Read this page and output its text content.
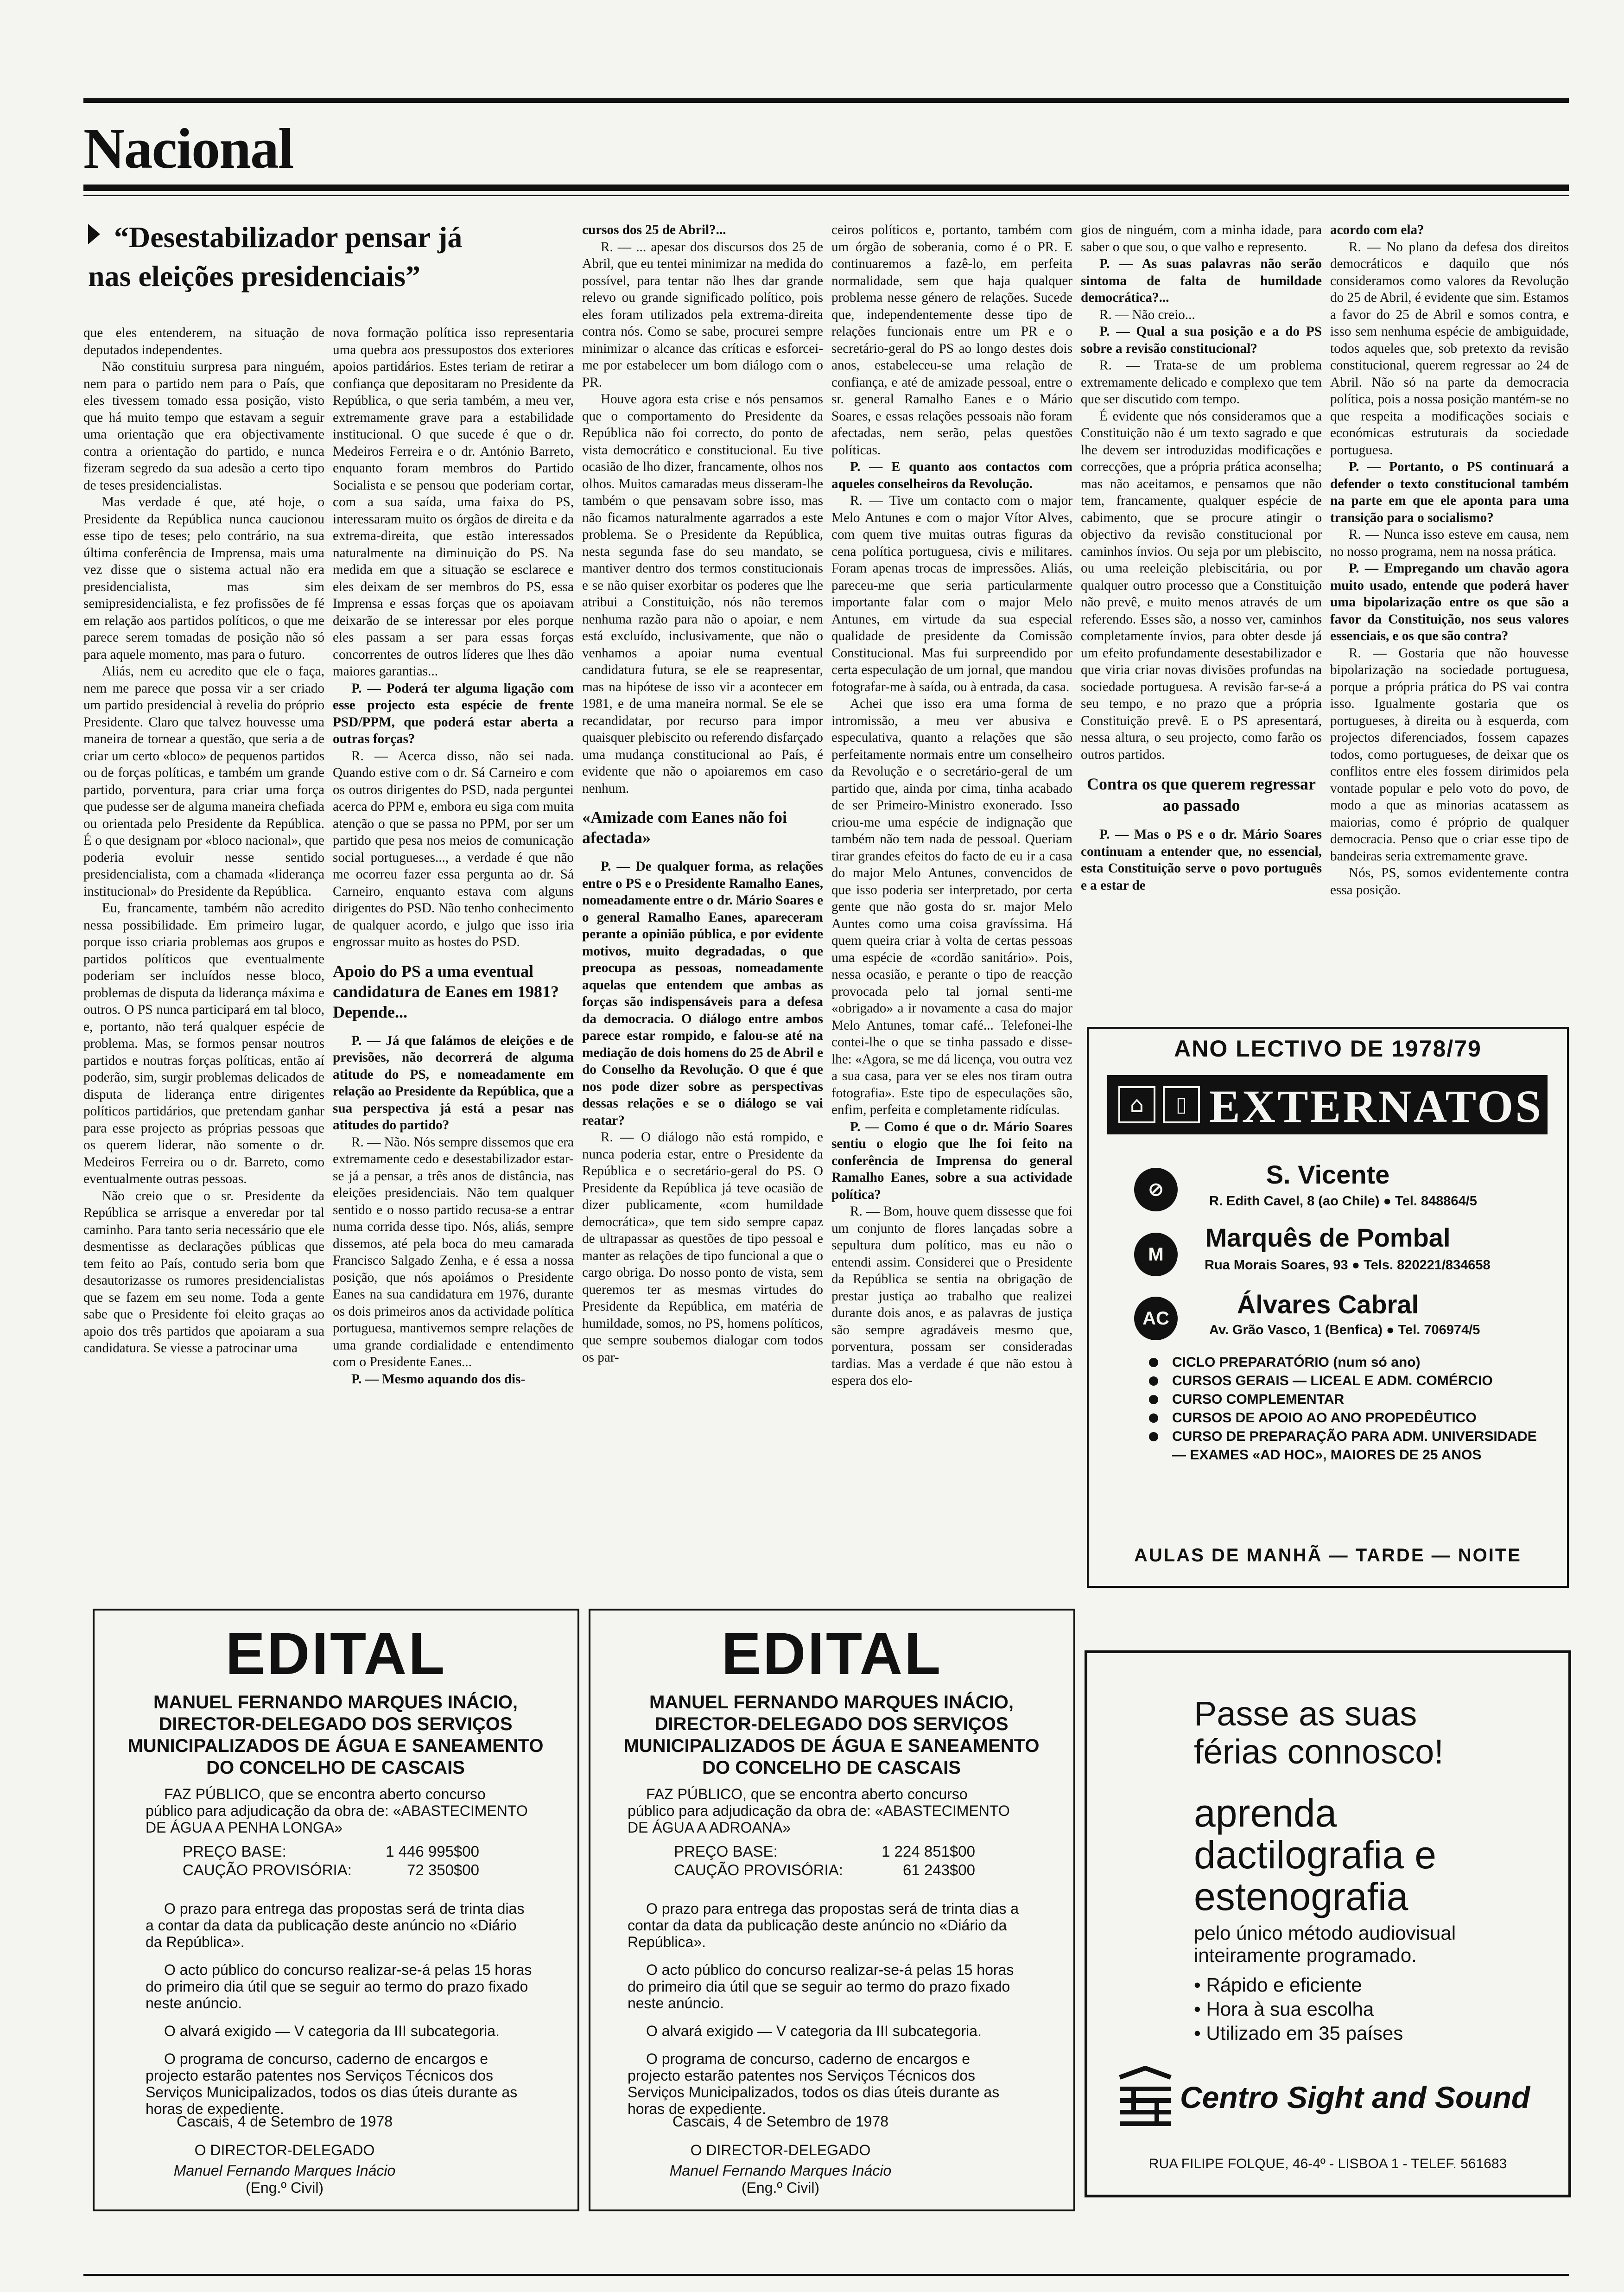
Nacional
“Desestabilizador pensar já
nas eleições presidenciais”

que eles entenderem, na situação de deputados independentes.

Não constituiu surpresa para ninguém, nem para o partido nem para o País, que eles tivessem tomado essa posição, visto que há muito tempo que estavam a seguir uma orientação que era objectivamente contra a orientação do partido, e nunca fizeram segredo da sua adesão a certo tipo de teses presidencialistas.

Mas verdade é que, até hoje, o Presidente da República nunca caucionou esse tipo de teses; pelo contrário, na sua última conferência de Imprensa, mais uma vez disse que o sistema actual não era presidencialista, mas sim semipresidencialista, e fez profissões de fé em relação aos partidos políticos, o que me parece serem tomadas de posição não só para aquele momento, mas para o futuro.

Aliás, nem eu acredito que ele o faça, nem me parece que possa vir a ser criado um partido presidencial à revelia do próprio Presidente. Claro que talvez houvesse uma maneira de tornear a questão, que seria a de criar um certo «bloco» de pequenos partidos ou de forças políticas, e também um grande partido, porventura, para criar uma força que pudesse ser de alguma maneira chefiada ou orientada pelo Presidente da República. É o que designam por «bloco nacional», que poderia evoluir nesse sentido presidencialista, com a chamada «liderança institucional» do Presidente da República.

Eu, francamente, também não acredito nessa possibilidade. Em primeiro lugar, porque isso criaria problemas aos grupos e partidos políticos que eventualmente poderiam ser incluídos nesse bloco, problemas de disputa da liderança máxima e outros. O PS nunca participará em tal bloco, e, portanto, não terá qualquer espécie de problema. Mas, se formos pensar noutros partidos e noutras forças políticas, então aí poderão, sim, surgir problemas delicados de disputa de liderança entre dirigentes políticos partidários, que pretendam ganhar para esse projecto as próprias pessoas que os querem liderar, não somente o dr. Medeiros Ferreira ou o dr. Barreto, como eventualmente outras pessoas.

Não creio que o sr. Presidente da República se arrisque a enveredar por tal caminho. Para tanto seria necessário que ele desmentisse as declarações públicas que tem feito ao País, contudo seria bom que desautorizasse os rumores presidencialistas que se fazem em seu nome. Toda a gente sabe que o Presidente foi eleito graças ao apoio dos três partidos que apoiaram a sua candidatura. Se viesse a patrocinar uma

nova formação política isso representaria uma quebra aos pressupostos dos exteriores apoios partidários. Estes teriam de retirar a confiança que depositaram no Presidente da República, o que seria também, a meu ver, extremamente grave para a estabilidade institucional. O que sucede é que o dr. Medeiros Ferreira e o dr. António Barreto, enquanto foram membros do Partido Socialista e se pensou que poderiam cortar, com a sua saída, uma faixa do PS, interessaram muito os órgãos de direita e da extrema-direita, que estão interessados naturalmente na diminuição do PS. Na medida em que a situação se esclarece e eles deixam de ser membros do PS, essa Imprensa e essas forças que os apoiavam deixarão de se interessar por eles porque eles passam a ser para essas forças concorrentes de outros líderes que lhes dão maiores garantias...

P. — Poderá ter alguma ligação com esse projecto esta espécie de frente PSD/PPM, que poderá estar aberta a outras forças?

R. — Acerca disso, não sei nada. Quando estive com o dr. Sá Carneiro e com os outros dirigentes do PSD, nada perguntei acerca do PPM e, embora eu siga com muita atenção o que se passa no PPM, por ser um partido que pesa nos meios de comunicação social portugueses..., a verdade é que não me ocorreu fazer essa pergunta ao dr. Sá Carneiro, enquanto estava com alguns dirigentes do PSD. Não tenho conhecimento de qualquer acordo, e julgo que isso iria engrossar muito as hostes do PSD.

Apoio do PS a uma eventual candidatura de Eanes em 1981? Depende...

P. — Já que falámos de eleições e de previsões, não decorrerá de alguma atitude do PS, e nomeadamente em relação ao Presidente da República, que a sua perspectiva já está a pesar nas atitudes do partido?

R. — Não. Nós sempre dissemos que era extremamente cedo e desestabilizador estar-se já a pensar, a três anos de distância, nas eleições presidenciais. Não tem qualquer sentido e o nosso partido recusa-se a entrar numa corrida desse tipo. Nós, aliás, sempre dissemos, até pela boca do meu camarada Francisco Salgado Zenha, e é essa a nossa posição, que nós apoiámos o Presidente Eanes na sua candidatura em 1976, durante os dois primeiros anos da actividade política portuguesa, mantivemos sempre relações de uma grande cordialidade e entendimento com o Presidente Eanes...

P. — Mesmo aquando dos dis-

cursos dos 25 de Abril?...

R. — ... apesar dos discursos dos 25 de Abril, que eu tentei minimizar na medida do possível, para tentar não lhes dar grande relevo ou grande significado político, pois eles foram utilizados pela extrema-direita contra nós. Como se sabe, procurei sempre minimizar o alcance das críticas e esforcei-me por estabelecer um bom diálogo com o PR.

Houve agora esta crise e nós pensamos que o comportamento do Presidente da República não foi correcto, do ponto de vista democrático e constitucional. Eu tive ocasião de lho dizer, francamente, olhos nos olhos. Muitos camaradas meus disseram-lhe também o que pensavam sobre isso, mas não ficamos naturalmente agarrados a este problema. Se o Presidente da República, nesta segunda fase do seu mandato, se mantiver dentro dos termos constitucionais e se não quiser exorbitar os poderes que lhe atribui a Constituição, nós não teremos nenhuma razão para não o apoiar, e nem está excluído, inclusivamente, que não o venhamos a apoiar numa eventual candidatura futura, se ele se reapresentar, mas na hipótese de isso vir a acontecer em 1981, e de uma maneira normal. Se ele se recandidatar, por recurso para impor quaisquer plebiscito ou referendo disfarçado uma mudança constitucional ao País, é evidente que não o apoiaremos em caso nenhum.

«Amizade com Eanes não foi afectada»

P. — De qualquer forma, as relações entre o PS e o Presidente Ramalho Eanes, nomeadamente entre o dr. Mário Soares e o general Ramalho Eanes, apareceram perante a opinião pública, e por evidente motivos, muito degradadas, o que preocupa as pessoas, nomeadamente aquelas que entendem que ambas as forças são indispensáveis para a defesa da democracia. O diálogo entre ambos parece estar rompido, e falou-se até na mediação de dois homens do 25 de Abril e do Conselho da Revolução. O que é que nos pode dizer sobre as perspectivas dessas relações e se o diálogo se vai reatar?

R. — O diálogo não está rompido, e nunca poderia estar, entre o Presidente da República e o secretário-geral do PS. O Presidente da República já teve ocasião de dizer publicamente, «com humildade democrática», que tem sido sempre capaz de ultrapassar as questões de tipo pessoal e manter as relações de tipo funcional a que o cargo obriga. Do nosso ponto de vista, sem queremos ter as mesmas virtudes do Presidente da República, em matéria de humildade, somos, no PS, homens políticos, que sempre soubemos dialogar com todos os par-

ceiros políticos e, portanto, também com um órgão de soberania, como é o PR. E continuaremos a fazê-lo, em perfeita normalidade, sem que haja qualquer problema nesse género de relações. Sucede que, independentemente desse tipo de relações funcionais entre um PR e o secretário-geral do PS ao longo destes dois anos, estabeleceu-se uma relação de confiança, e até de amizade pessoal, entre o sr. general Ramalho Eanes e o Mário Soares, e essas relações pessoais não foram afectadas, nem serão, pelas questões políticas.

P. — E quanto aos contactos com aqueles conselheiros da Revolução.

R. — Tive um contacto com o major Melo Antunes e com o major Vítor Alves, com quem tive muitas outras figuras da cena política portuguesa, civis e militares. Foram apenas trocas de impressões. Aliás, pareceu-me que seria particularmente importante falar com o major Melo Antunes, em virtude da sua especial qualidade de presidente da Comissão Constitucional. Mas fui surpreendido por certa especulação de um jornal, que mandou fotografar-me à saída, ou à entrada, da casa.

Achei que isso era uma forma de intromissão, a meu ver abusiva e especulativa, quanto a relações que são perfeitamente normais entre um conselheiro da Revolução e o secretário-geral de um partido que, ainda por cima, tinha acabado de ser Primeiro-Ministro exonerado. Isso criou-me uma espécie de indignação que também não tem nada de pessoal. Queriam tirar grandes efeitos do facto de eu ir a casa do major Melo Antunes, convencidos de que isso poderia ser interpretado, por certa gente que não gosta do sr. major Melo Auntes como uma coisa gravíssima. Há quem queira criar à volta de certas pessoas uma espécie de «cordão sanitário». Pois, nessa ocasião, e perante o tipo de reacção provocada pelo tal jornal senti-me «obrigado» a ir novamente a casa do major Melo Antunes, tomar café... Telefonei-lhe contei-lhe o que se tinha passado e disse-lhe: «Agora, se me dá licença, vou outra vez a sua casa, para ver se eles nos tiram outra fotografia». Este tipo de especulações são, enfim, perfeita e completamente ridículas.

P. — Como é que o dr. Mário Soares sentiu o elogio que lhe foi feito na conferência de Imprensa do general Ramalho Eanes, sobre a sua actividade política?

R. — Bom, houve quem dissesse que foi um conjunto de flores lançadas sobre a sepultura dum político, mas eu não o entendi assim. Considerei que o Presidente da República se sentia na obrigação de prestar justiça ao trabalho que realizei durante dois anos, e as palavras de justiça são sempre agradáveis mesmo que, porventura, possam ser consideradas tardias. Mas a verdade é que não estou à espera dos elo-

gios de ninguém, com a minha idade, para saber o que sou, o que valho e represento.

P. — As suas palavras não serão sintoma de falta de humildade democrática?...

R. — Não creio...

P. — Qual a sua posição e a do PS sobre a revisão constitucional?

R. — Trata-se de um problema extremamente delicado e complexo que tem que ser discutido com tempo.

É evidente que nós consideramos que a Constituição não é um texto sagrado e que lhe devem ser introduzidas modificações e correcções, que a própria prática aconselha; mas não aceitamos, e pensamos que não tem, francamente, qualquer espécie de cabimento, que se procure atingir o objectivo da revisão constitucional por caminhos ínvios. Ou seja por um plebiscito, ou uma reeleição plebiscitária, ou por qualquer outro processo que a Constituição não prevê, e muito menos através de um referendo. Esses são, a nosso ver, caminhos completamente ínvios, para obter desde já um efeito profundamente desestabilizador e que viria criar novas divisões profundas na sociedade portuguesa. A revisão far-se-á a seu tempo, e no prazo que a própria Constituição prevê. E o PS apresentará, nessa altura, o seu projecto, como farão os outros partidos.

Contra os que querem regressar ao passado

P. — Mas o PS e o dr. Mário Soares continuam a entender que, no essencial, esta Constituição serve o povo português e a estar de

acordo com ela?

R. — No plano da defesa dos direitos democráticos e daquilo que nós consideramos como valores da Revolução do 25 de Abril, é evidente que sim. Estamos a favor do 25 de Abril e somos contra, e isso sem nenhuma espécie de ambiguidade, todos aqueles que, sob pretexto da revisão constitucional, querem regressar ao 24 de Abril. Não só na parte da democracia política, pois a nossa posição mantém-se no que respeita a modificações sociais e económicas estruturais da sociedade portuguesa.

P. — Portanto, o PS continuará a defender o texto constitucional também na parte em que ele aponta para uma transição para o socialismo?

R. — Nunca isso esteve em causa, nem no nosso programa, nem na nossa prática.

P. — Empregando um chavão agora muito usado, entende que poderá haver uma bipolarização entre os que são a favor da Constituição, nos seus valores essenciais, e os que são contra?

R. — Gostaria que não houvesse bipolarização na sociedade portuguesa, porque a própria prática do PS vai contra isso. Igualmente gostaria que os portugueses, à direita ou à esquerda, com projectos diferenciados, fossem capazes todos, como portugueses, de deixar que os conflitos entre eles fossem dirimidos pela vontade popular e pelo voto do povo, de modo a que as minorias acatassem as maiorias, como é próprio de qualquer democracia. Penso que o criar esse tipo de bandeiras seria extremamente grave.

Nós, PS, somos evidentemente contra essa posição.

ANO LECTIVO DE 1978/79
⌂	▯ EXTERNATOS
⊘
S. Vicente
R. Edith Cavel, 8 (ao Chile) ● Tel. 848864/5
M
Marquês de Pombal
Rua Morais Soares, 93 ● Tels. 820221/834658
AC	Álvares Cabral
Av. Grão Vasco, 1 (Benfica) ● Tel. 706974/5
CICLO PREPARATÓRIO (num só ano)
CURSOS GERAIS — LICEAL E ADM. COMÉRCIO
CURSO COMPLEMENTAR
CURSOS DE APOIO AO ANO PROPEDÊUTICO
CURSO DE PREPARAÇÃO PARA ADM. UNIVERSIDADE — EXAMES «AD HOC», MAIORES DE 25 ANOS
AULAS DE MANHÃ — TARDE — NOITE
EDITAL
MANUEL FERNANDO MARQUES INÁCIO, DIRECTOR-DELEGADO DOS SERVIÇOS MUNICIPALIZADOS DE ÁGUA E SANEAMENTO DO CONCELHO DE CASCAIS
FAZ PÚBLICO, que se encontra aberto concurso público para adjudicação da obra de: «ABASTECIMENTO DE ÁGUA A PENHA LONGA»
PREÇO BASE:	1 446 995$00
CAUÇÃO PROVISÓRIA:	72 350$00

O prazo para entrega das propostas será de trinta dias a contar da data da publicação deste anúncio no «Diário da República».

O acto público do concurso realizar-se-á pelas 15 horas do primeiro dia útil que se seguir ao termo do prazo fixado neste anúncio.

O alvará exigido — V categoria da III subcategoria.

O programa de concurso, caderno de encargos e projecto estarão patentes nos Serviços Técnicos dos Serviços Municipalizados, todos os dias úteis durante as horas de expediente.

Cascais, 4 de Setembro de 1978
O DIRECTOR-DELEGADO
Manuel Fernando Marques Inácio
(Eng.º Civil)
EDITAL
MANUEL FERNANDO MARQUES INÁCIO, DIRECTOR-DELEGADO DOS SERVIÇOS MUNICIPALIZADOS DE ÁGUA E SANEAMENTO DO CONCELHO DE CASCAIS
FAZ PÚBLICO, que se encontra aberto concurso público para adjudicação da obra de: «ABASTECIMENTO DE ÁGUA A ADROANA»
PREÇO BASE:	1 224 851$00
CAUÇÃO PROVISÓRIA:	61 243$00

O prazo para entrega das propostas será de trinta dias a contar da data da publicação deste anúncio no «Diário da República».

O acto público do concurso realizar-se-á pelas 15 horas do primeiro dia útil que se seguir ao termo do prazo fixado neste anúncio.

O alvará exigido — V categoria da III subcategoria.

O programa de concurso, caderno de encargos e projecto estarão patentes nos Serviços Técnicos dos Serviços Municipalizados, todos os dias úteis durante as horas de expediente.

Cascais, 4 de Setembro de 1978
O DIRECTOR-DELEGADO
Manuel Fernando Marques Inácio
(Eng.º Civil)
Passe as suas
férias connosco!
aprenda
dactilografia e
estenografia
pelo único método audiovisual
inteiramente programado.
• Rápido e eficiente
• Hora à sua escolha
• Utilizado em 35 países
Centro Sight and Sound
RUA FILIPE FOLQUE, 46-4º - LISBOA 1 - TELEF. 561683
